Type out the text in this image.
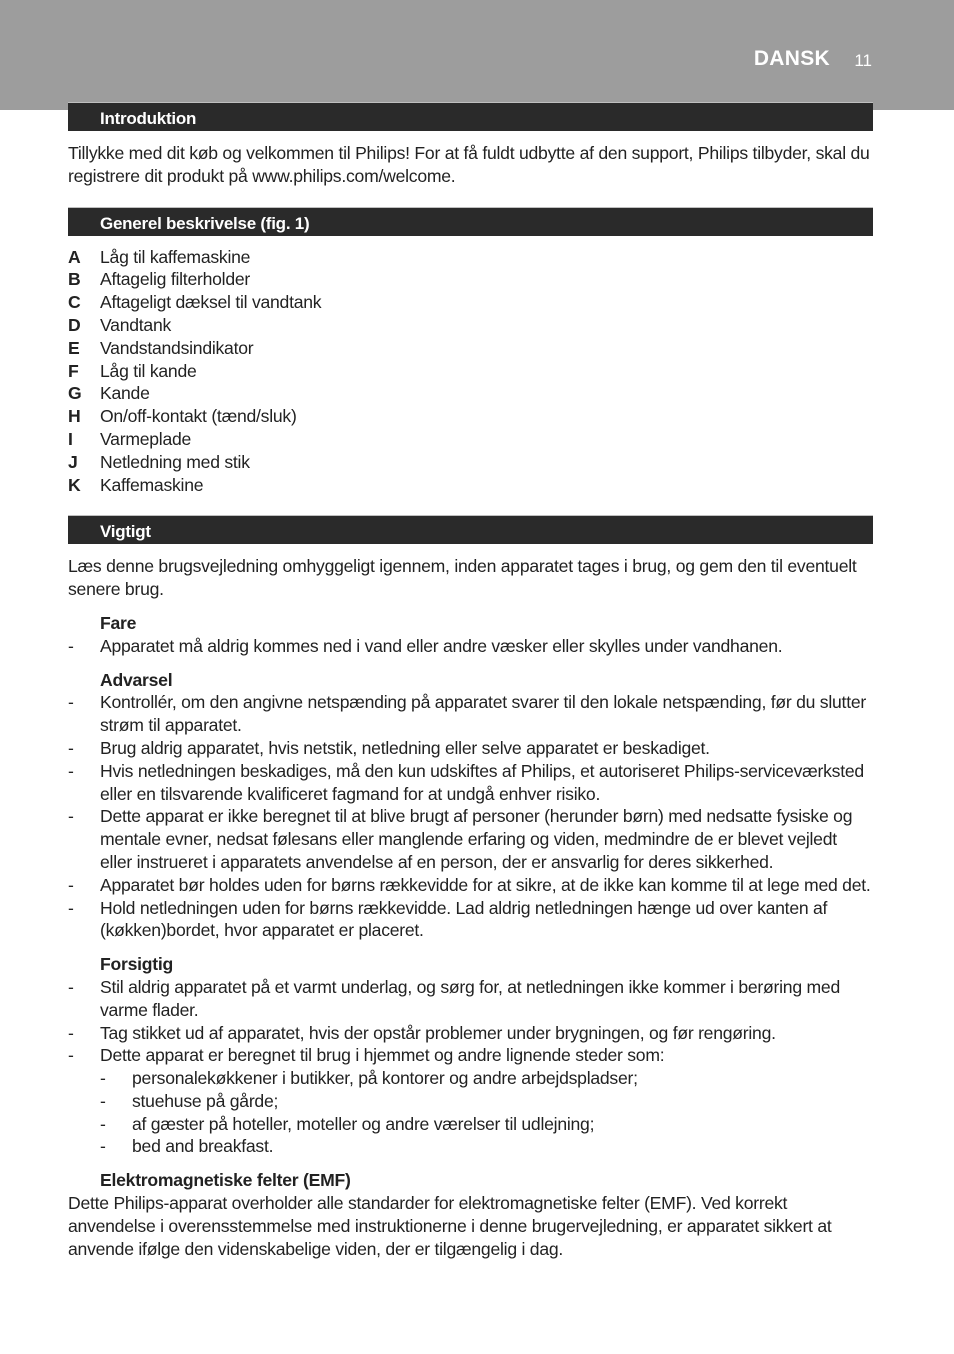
DANSK 11
Introduktion

Tillykke med dit køb og velkommen til Philips! For at få fuldt udbytte af den support, Philips tilbyder, skal du registrere dit produkt på www.philips.com/welcome.

Generel beskrivelse (fig. 1)
A	Låg til kaffemaskine
B	Aftagelig filterholder
C	Aftageligt dæksel til vandtank
D	Vandtank
E	Vandstandsindikator
F	Låg til kande
G	Kande
H	On/off-kontakt (tænd/sluk)
I	Varmeplade
J	Netledning med stik
K	Kaffemaskine
Vigtigt

Læs denne brugsvejledning omhyggeligt igennem, inden apparatet tages i brug, og gem den til eventuelt senere brug.

Fare
-	Apparatet må aldrig kommes ned i vand eller andre væsker eller skylles under vandhanen.
Advarsel
-	Kontrollér, om den angivne netspænding på apparatet svarer til den lokale netspænding, før du slutter strøm til apparatet.
-	Brug aldrig apparatet, hvis netstik, netledning eller selve apparatet er beskadiget.
-	Hvis netledningen beskadiges, må den kun udskiftes af Philips, et autoriseret Philips-serviceværksted eller en tilsvarende kvalificeret fagmand for at undgå enhver risiko.
-	Dette apparat er ikke beregnet til at blive brugt af personer (herunder børn) med nedsatte fysiske og mentale evner, nedsat følesans eller manglende erfaring og viden, medmindre de er blevet vejledt eller instrueret i apparatets anvendelse af en person, der er ansvarlig for deres sikkerhed.
-	Apparatet bør holdes uden for børns rækkevidde for at sikre, at de ikke kan komme til at lege med det.
-	Hold netledningen uden for børns rækkevidde. Lad aldrig netledningen hænge ud over kanten af (køkken)bordet, hvor apparatet er placeret.
Forsigtig
-	Stil aldrig apparatet på et varmt underlag, og sørg for, at netledningen ikke kommer i berøring med varme flader.
-	Tag stikket ud af apparatet, hvis der opstår problemer under brygningen, og før rengøring.
-	Dette apparat er beregnet til brug i hjemmet og andre lignende steder som:
-	personalekøkkener i butikker, på kontorer og andre arbejdspladser;
-	stuehuse på gårde;
-	af gæster på hoteller, moteller og andre værelser til udlejning;
-	bed and breakfast.
Elektromagnetiske felter (EMF)

Dette Philips-apparat overholder alle standarder for elektromagnetiske felter (EMF). Ved korrekt anvendelse i overensstemmelse med instruktionerne i denne brugervejledning, er apparatet sikkert at anvende ifølge den videnskabelige viden, der er tilgængelig i dag.
